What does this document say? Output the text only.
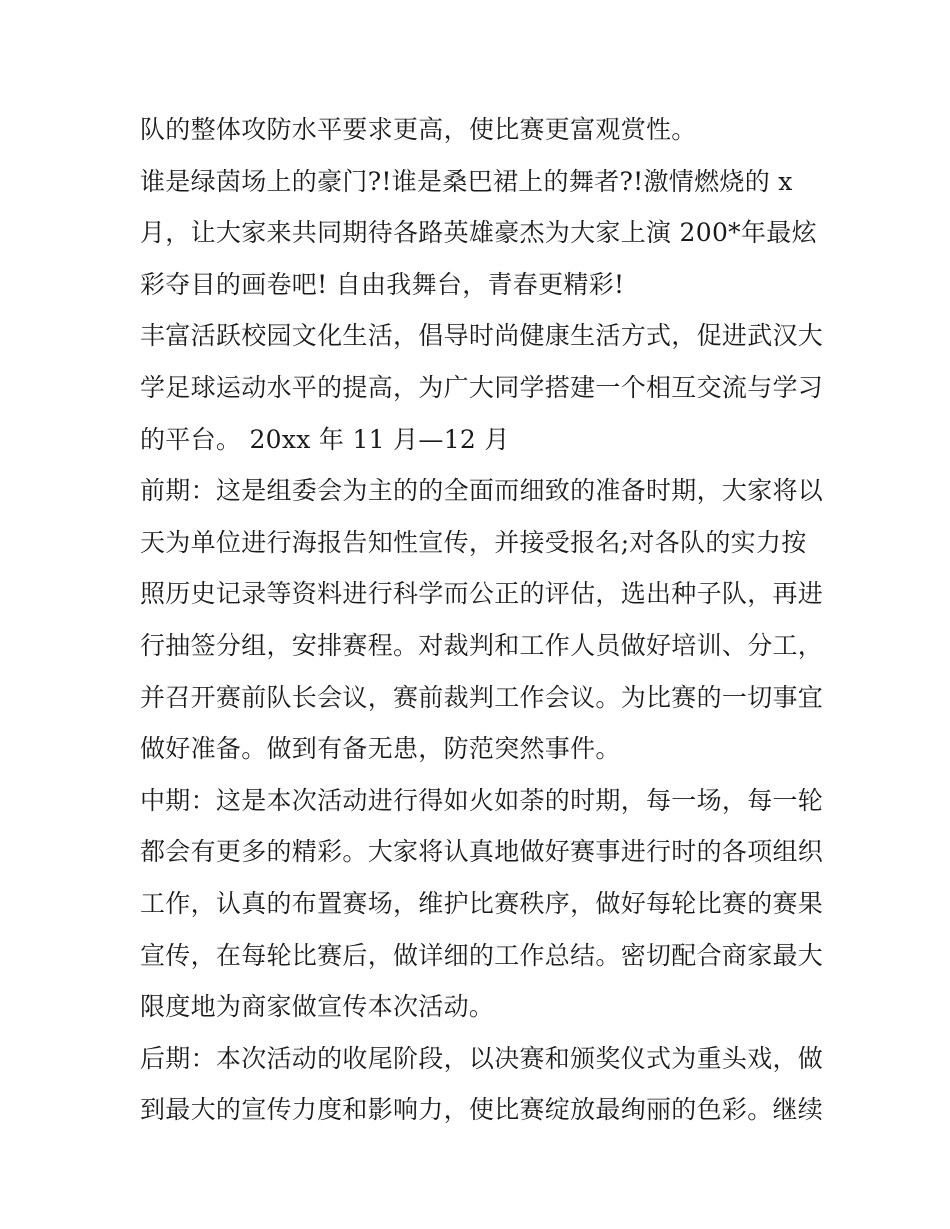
队的整体攻防水平要求更高，使比赛更富观赏性。
谁是绿茵场上的豪门?!谁是桑巴裙上的舞者?!激情燃烧的 x
月，让大家来共同期待各路英雄豪杰为大家上演 200*年最炫
彩夺目的画卷吧! 自由我舞台，青春更精彩!
丰富活跃校园文化生活，倡导时尚健康生活方式，促进武汉大
学足球运动水平的提高，为广大同学搭建一个相互交流与学习
的平台。 20xx 年 11 月—12 月
前期：这是组委会为主的的全面而细致的准备时期，大家将以
天为单位进行海报告知性宣传，并接受报名;对各队的实力按
照历史记录等资料进行科学而公正的评估，选出种子队，再进
行抽签分组，安排赛程。对裁判和工作人员做好培训、分工，
并召开赛前队长会议，赛前裁判工作会议。为比赛的一切事宜
做好准备。做到有备无患，防范突然事件。
中期：这是本次活动进行得如火如荼的时期，每一场，每一轮
都会有更多的精彩。大家将认真地做好赛事进行时的各项组织
工作，认真的布置赛场，维护比赛秩序，做好每轮比赛的赛果
宣传，在每轮比赛后，做详细的工作总结。密切配合商家最大
限度地为商家做宣传本次活动。
后期：本次活动的收尾阶段，以决赛和颁奖仪式为重头戏，做
到最大的宣传力度和影响力，使比赛绽放最绚丽的色彩。继续
